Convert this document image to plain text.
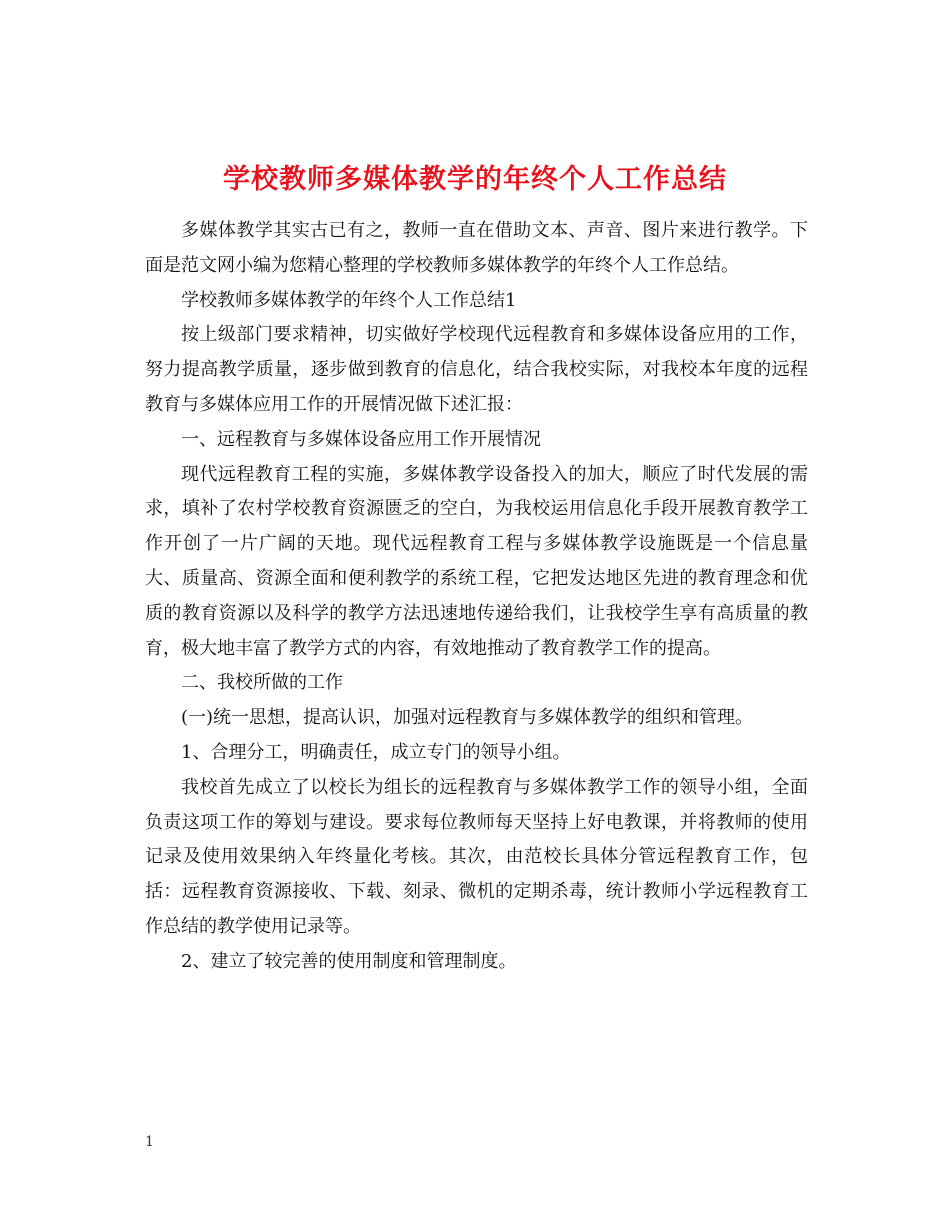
学校教师多媒体教学的年终个人工作总结

多媒体教学其实古已有之，教师一直在借助文本、声音、图片来进行教学。下面是范文网小编为您精心整理的学校教师多媒体教学的年终个人工作总结。

学校教师多媒体教学的年终个人工作总结1

按上级部门要求精神，切实做好学校现代远程教育和多媒体设备应用的工作，努力提高教学质量，逐步做到教育的信息化，结合我校实际，对我校本年度的远程教育与多媒体应用工作的开展情况做下述汇报：

一、远程教育与多媒体设备应用工作开展情况

现代远程教育工程的实施，多媒体教学设备投入的加大，顺应了时代发展的需求，填补了农村学校教育资源匮乏的空白，为我校运用信息化手段开展教育教学工作开创了一片广阔的天地。现代远程教育工程与多媒体教学设施既是一个信息量大、质量高、资源全面和便利教学的系统工程，它把发达地区先进的教育理念和优质的教育资源以及科学的教学方法迅速地传递给我们，让我校学生享有高质量的教育，极大地丰富了教学方式的内容，有效地推动了教育教学工作的提高。

二、我校所做的工作

(一)统一思想，提高认识，加强对远程教育与多媒体教学的组织和管理。

1、合理分工，明确责任，成立专门的领导小组。

我校首先成立了以校长为组长的远程教育与多媒体教学工作的领导小组，全面负责这项工作的筹划与建设。要求每位教师每天坚持上好电教课，并将教师的使用记录及使用效果纳入年终量化考核。其次，由范校长具体分管远程教育工作，包括：远程教育资源接收、下载、刻录、微机的定期杀毒，统计教师小学远程教育工作总结的教学使用记录等。

2、建立了较完善的使用制度和管理制度。

1
